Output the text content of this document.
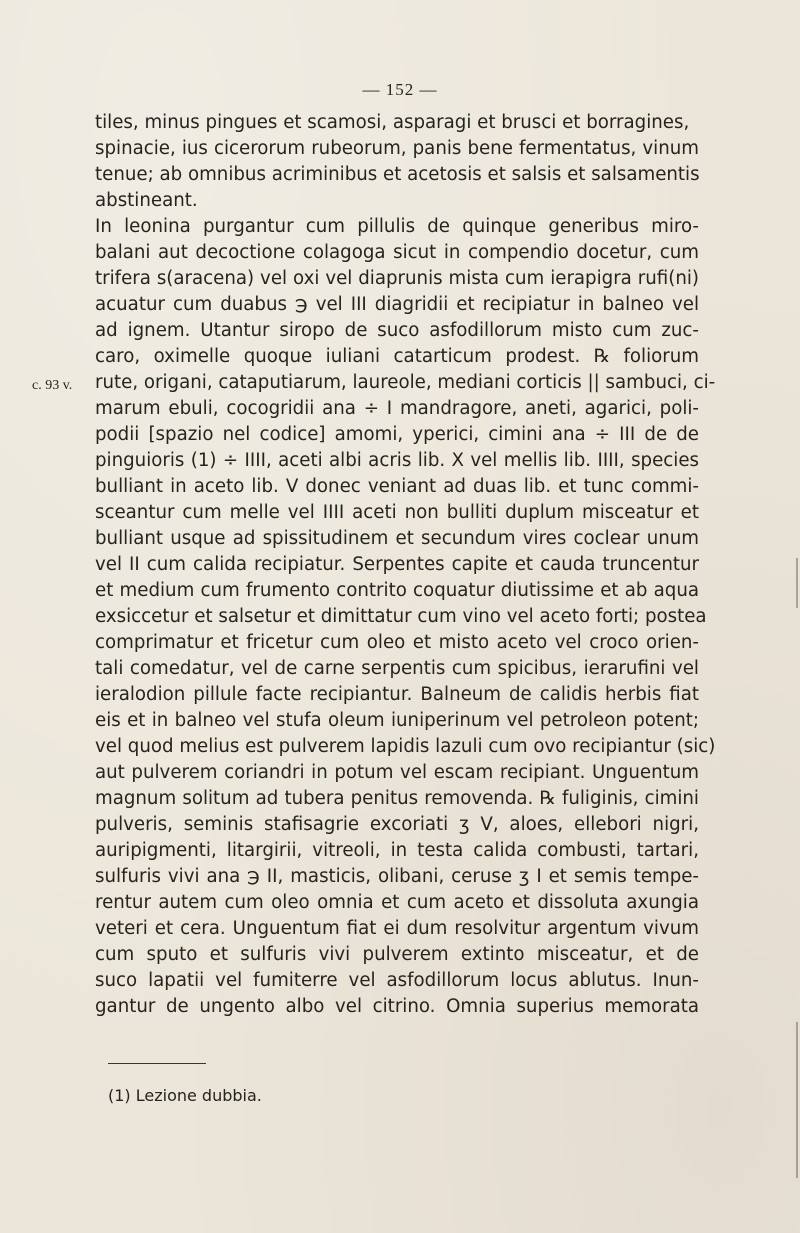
— 152 —
c. 93 v.
tiles, minus pingues et scamosi, asparagi et brusci et borragines,
spinacie, ius cicerorum rubeorum, panis bene fermentatus, vinum
tenue; ab omnibus acriminibus et acetosis et salsis et salsamentis
abstineant.
In leonina purgantur cum pillulis de quinque generibus miro-
balani aut decoctione colagoga sicut in compendio docetur, cum
trifera s(aracena) vel oxi vel diaprunis mista cum ierapigra rufi(ni)
acuatur cum duabus ℈ vel III diagridii et recipiatur in balneo vel
ad ignem. Utantur siropo de suco asfodillorum misto cum zuc-
caro, oximelle quoque iuliani catarticum prodest. ℞ foliorum
rute, origani, cataputiarum, laureole, mediani corticis || sambuci, ci-
marum ebuli, cocogridii ana ÷ I mandragore, aneti, agarici, poli-
podii [spazio nel codice] amomi, yperici, cimini ana ÷ III de de
pinguioris (1) ÷ IIII, aceti albi acris lib. X vel mellis lib. IIII, species
bulliant in aceto lib. V donec veniant ad duas lib. et tunc commi-
sceantur cum melle vel IIII aceti non bulliti duplum misceatur et
bulliant usque ad spissitudinem et secundum vires coclear unum
vel II cum calida recipiatur. Serpentes capite et cauda truncentur
et medium cum frumento contrito coquatur diutissime et ab aqua
exsiccetur et salsetur et dimittatur cum vino vel aceto forti; postea
comprimatur et fricetur cum oleo et misto aceto vel croco orien-
tali comedatur, vel de carne serpentis cum spicibus, ierarufini vel
ieralodion pillule facte recipiantur. Balneum de calidis herbis fiat
eis et in balneo vel stufa oleum iuniperinum vel petroleon potent;
vel quod melius est pulverem lapidis lazuli cum ovo recipiantur (sic)
aut pulverem coriandri in potum vel escam recipiant. Unguentum
magnum solitum ad tubera penitus removenda. ℞ fuliginis, cimini
pulveris, seminis stafisagrie excoriati ʒ V, aloes, ellebori nigri,
auripigmenti, litargirii, vitreoli, in testa calida combusti, tartari,
sulfuris vivi ana ℈ II, masticis, olibani, ceruse ʒ I et semis tempe-
rentur autem cum oleo omnia et cum aceto et dissoluta axungia
veteri et cera. Unguentum fiat ei dum resolvitur argentum vivum
cum sputo et sulfuris vivi pulverem extinto misceatur, et de
suco lapatii vel fumiterre vel asfodillorum locus ablutus. Inun-
gantur de ungento albo vel citrino. Omnia superius memorata
(1) Lezione dubbia.
